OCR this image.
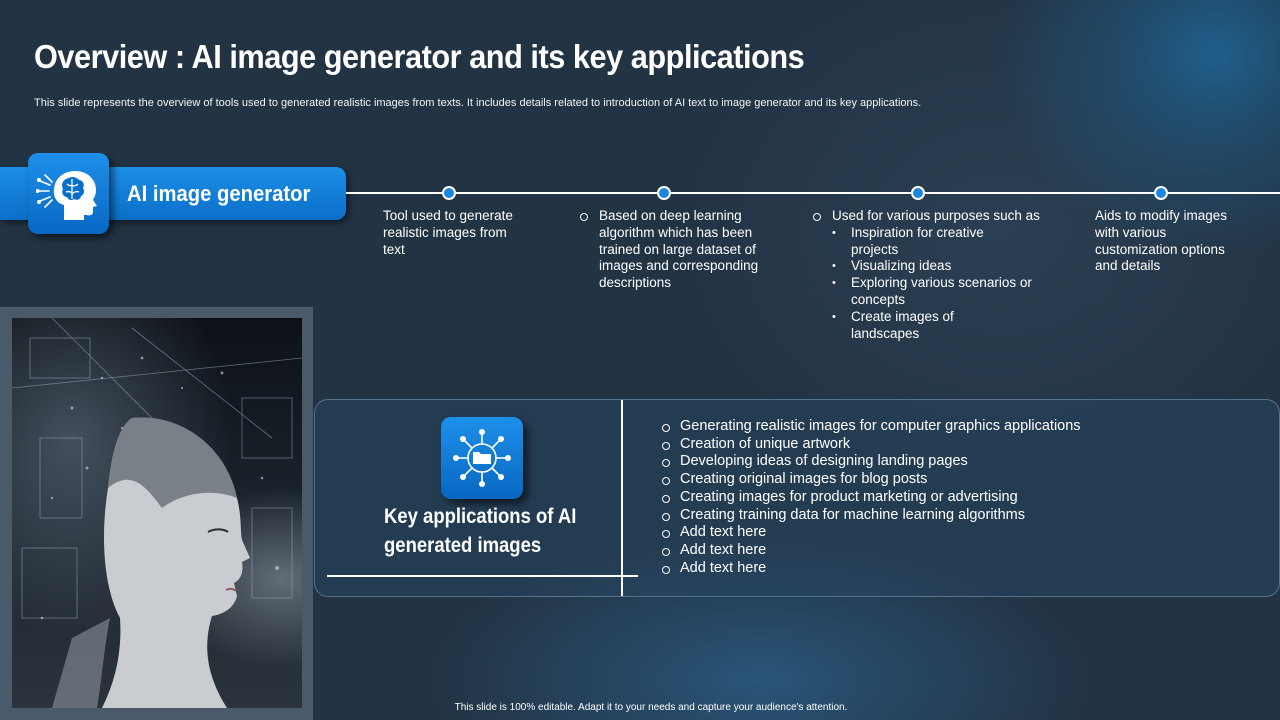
Overview : AI image generator and its key applications
This slide represents the overview of tools used to generated realistic images from texts. It includes details related to introduction of AI text to image generator and its key applications.
AI image generator
Tool used to generate realistic images from text
Based on deep learning algorithm which has been trained on large dataset of images and corresponding descriptions
Used for various purposes such as
• Inspiration for creative projects
• Visualizing ideas
• Exploring various scenarios or concepts
• Create images of landscapes
Aids to modify images with various customization options and details
Key applications of AI generated images
Generating realistic images for computer graphics applications
Creation of unique artwork
Developing ideas of designing landing pages
Creating original images for blog posts
Creating images for product marketing or advertising
Creating training data for machine learning algorithms
Add text here
Add text here
Add text here
This slide is 100% editable. Adapt it to your needs and capture your audience's attention.
